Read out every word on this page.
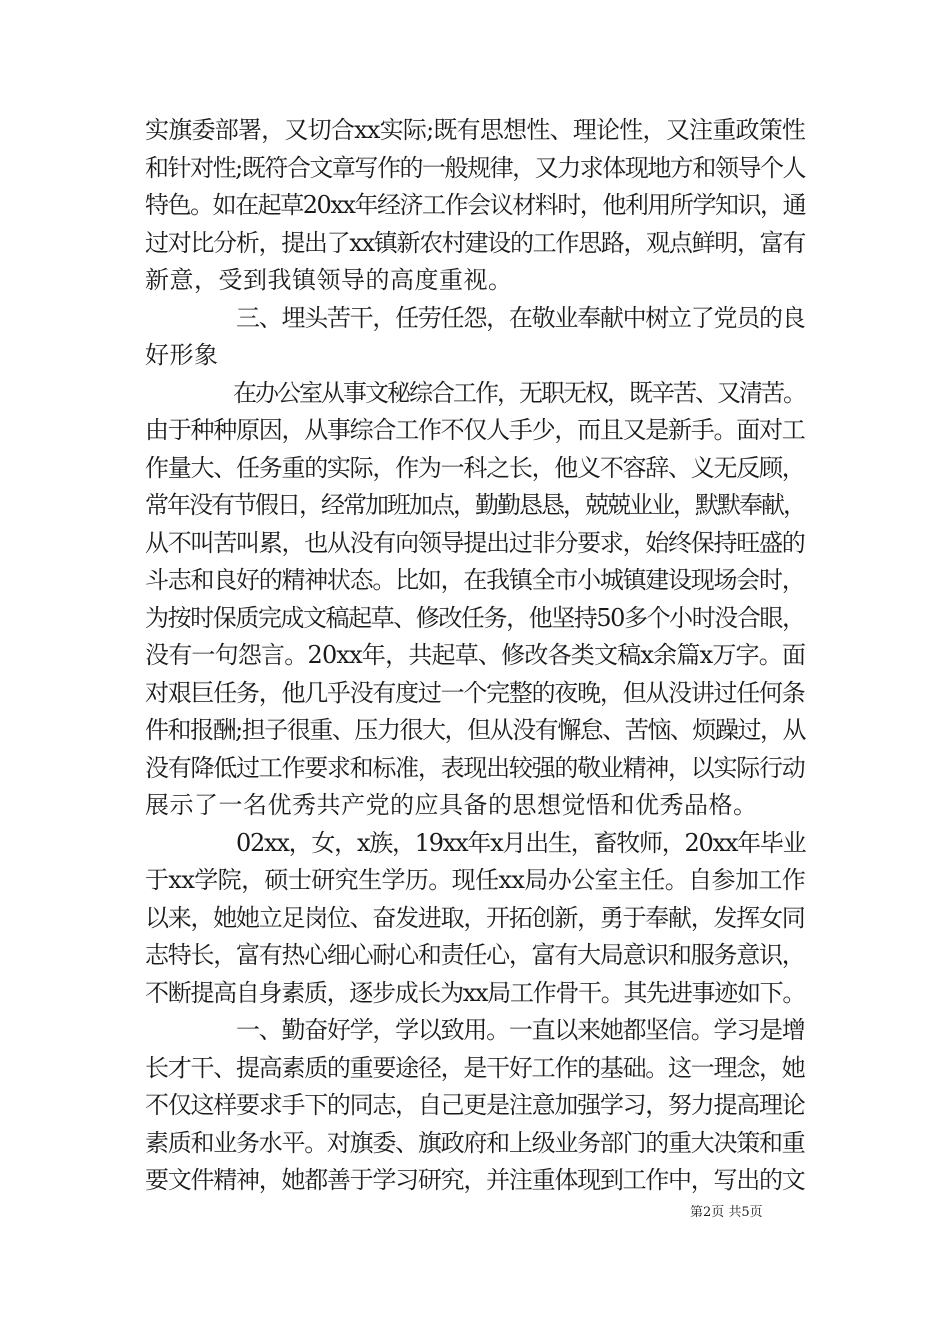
实旗委部署，又切合xx实际;既有思想性、理论性，又注重政策性
和针对性;既符合文章写作的一般规律，又力求体现地方和领导个人
特色。如在起草20xx年经济工作会议材料时，他利用所学知识，通
过对比分析，提出了xx镇新农村建设的工作思路，观点鲜明，富有
新意，受到我镇领导的高度重视。
　　　　三、埋头苦干，任劳任怨，在敬业奉献中树立了党员的良
好形象
　　　　在办公室从事文秘综合工作，无职无权，既辛苦、又清苦。
由于种种原因，从事综合工作不仅人手少，而且又是新手。面对工
作量大、任务重的实际，作为一科之长，他义不容辞、义无反顾，
常年没有节假日，经常加班加点，勤勤恳恳，兢兢业业，默默奉献，
从不叫苦叫累，也从没有向领导提出过非分要求，始终保持旺盛的
斗志和良好的精神状态。比如，在我镇全市小城镇建设现场会时，
为按时保质完成文稿起草、修改任务，他坚持50多个小时没合眼，
没有一句怨言。20xx年，共起草、修改各类文稿x余篇x万字。面
对艰巨任务，他几乎没有度过一个完整的夜晚，但从没讲过任何条
件和报酬;担子很重、压力很大，但从没有懈怠、苦恼、烦躁过，从
没有降低过工作要求和标准，表现出较强的敬业精神，以实际行动
展示了一名优秀共产党的应具备的思想觉悟和优秀品格。
　　　　02xx，女，x族，19xx年x月出生，畜牧师，20xx年毕业
于xx学院，硕士研究生学历。现任xx局办公室主任。自参加工作
以来，她她立足岗位、奋发进取，开拓创新，勇于奉献，发挥女同
志特长，富有热心细心耐心和责任心，富有大局意识和服务意识，
不断提高自身素质，逐步成长为xx局工作骨干。其先进事迹如下。
　　　　一、勤奋好学，学以致用。一直以来她都坚信。学习是增
长才干、提高素质的重要途径，是干好工作的基础。这一理念，她
不仅这样要求手下的同志，自己更是注意加强学习，努力提高理论
素质和业务水平。对旗委、旗政府和上级业务部门的重大决策和重
要文件精神，她都善于学习研究，并注重体现到工作中，写出的文
第2页 共5页
